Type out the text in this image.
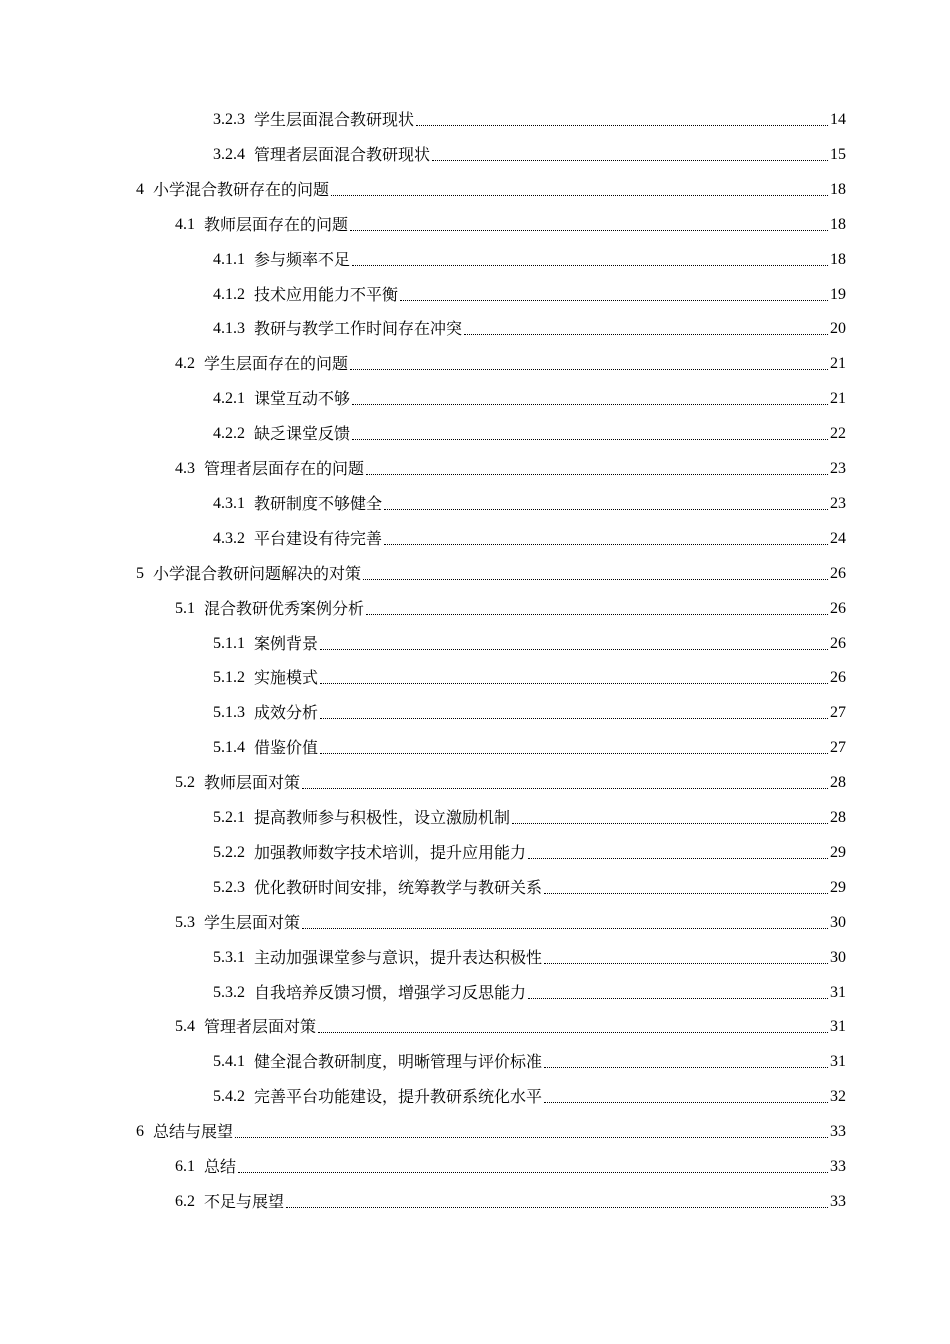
3.2.3 学生层面混合教研现状	14
3.2.4 管理者层面混合教研现状	15
4 小学混合教研存在的问题	18
4.1 教师层面存在的问题	18
4.1.1 参与频率不足	18
4.1.2 技术应用能力不平衡	19
4.1.3 教研与教学工作时间存在冲突	20
4.2 学生层面存在的问题	21
4.2.1 课堂互动不够	21
4.2.2 缺乏课堂反馈	22
4.3 管理者层面存在的问题	23
4.3.1 教研制度不够健全	23
4.3.2 平台建设有待完善	24
5 小学混合教研问题解决的对策	26
5.1 混合教研优秀案例分析	26
5.1.1 案例背景	26
5.1.2 实施模式	26
5.1.3 成效分析	27
5.1.4 借鉴价值	27
5.2 教师层面对策	28
5.2.1 提高教师参与积极性，设立激励机制	28
5.2.2 加强教师数字技术培训，提升应用能力	29
5.2.3 优化教研时间安排，统筹教学与教研关系	29
5.3 学生层面对策	30
5.3.1 主动加强课堂参与意识，提升表达积极性	30
5.3.2 自我培养反馈习惯，增强学习反思能力	31
5.4 管理者层面对策	31
5.4.1 健全混合教研制度，明晰管理与评价标准	31
5.4.2 完善平台功能建设，提升教研系统化水平	32
6 总结与展望	33
6.1 总结	33
6.2 不足与展望	33
